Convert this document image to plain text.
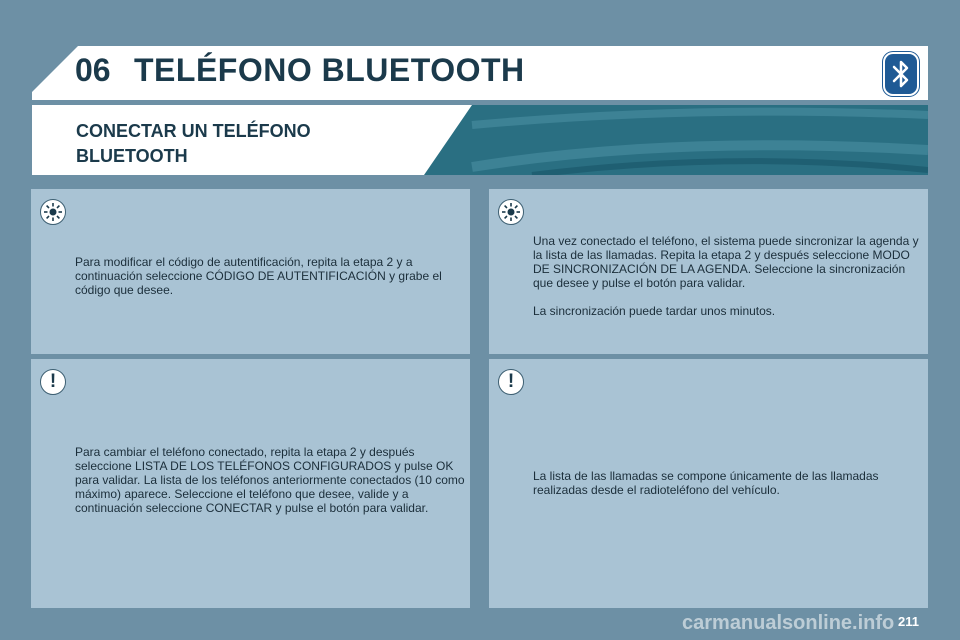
06 TELÉFONO BLUETOOTH
CONECTAR UN TELÉFONO BLUETOOTH

Para modificar el código de autentificación, repita la etapa 2 y a continuación seleccione CÓDIGO DE AUTENTIFICACIÓN y grabe el código que desee.

Una vez conectado el teléfono, el sistema puede sincronizar la agenda y la lista de las llamadas. Repita la etapa 2 y después seleccione MODO DE SINCRONIZACIÓN DE LA AGENDA. Seleccione la sincronización que desee y pulse el botón para validar.

La sincronización puede tardar unos minutos.

!

Para cambiar el teléfono conectado, repita la etapa 2 y después seleccione LISTA DE LOS TELÉFONOS CONFIGURADOS y pulse OK para validar. La lista de los teléfonos anteriormente conectados (10 como máximo) aparece. Seleccione el teléfono que desee, valide y a continuación seleccione CONECTAR y pulse el botón para validar.

!

La lista de las llamadas se compone únicamente de las llamadas realizadas desde el radioteléfono del vehículo.

carmanualsonline.info 211
